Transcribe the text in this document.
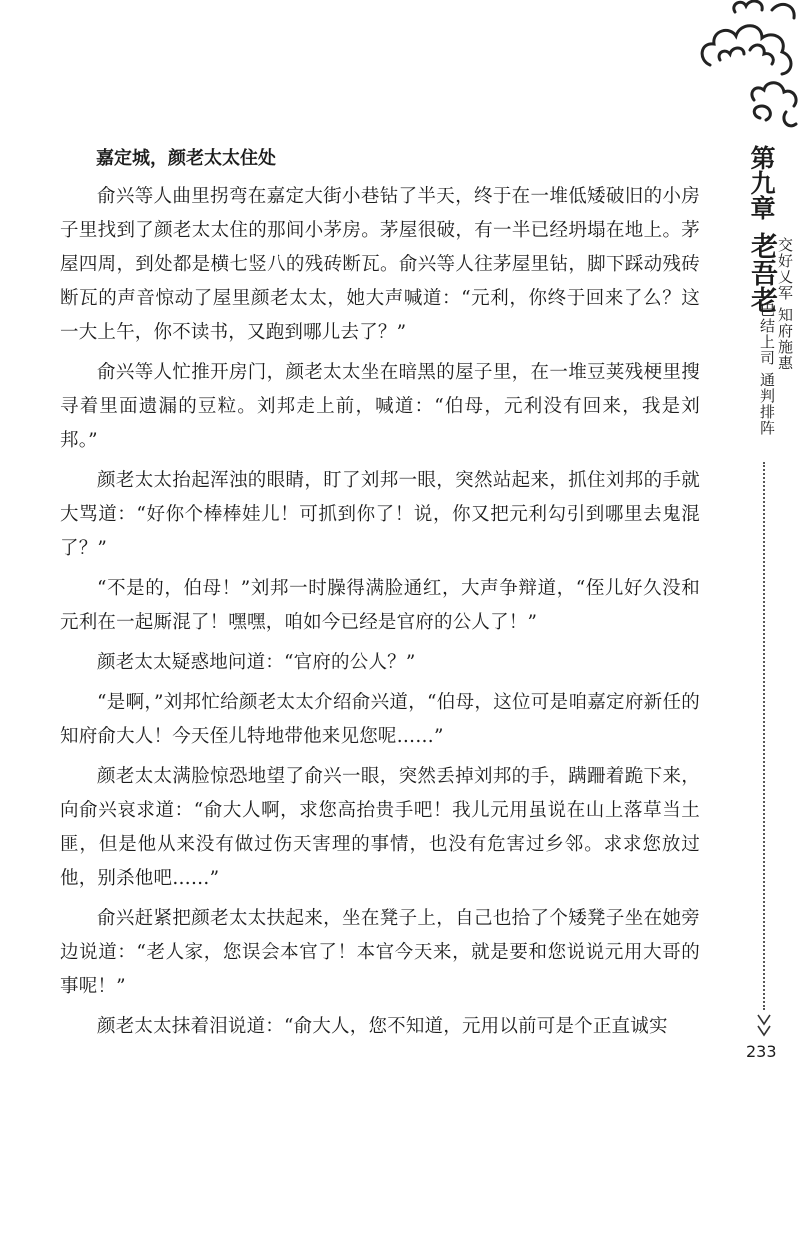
嘉定城，颜老太太住处

俞兴等人曲里拐弯在嘉定大街小巷钻了半天，终于在一堆低矮破旧的小房子里找到了颜老太太住的那间小茅房。茅屋很破，有一半已经坍塌在地上。茅屋四周，到处都是横七竖八的残砖断瓦。俞兴等人往茅屋里钻，脚下踩动残砖断瓦的声音惊动了屋里颜老太太，她大声喊道：“元利，你终于回来了么？这一大上午，你不读书，又跑到哪儿去了？”

俞兴等人忙推开房门，颜老太太坐在暗黑的屋子里，在一堆豆荚残梗里搜寻着里面遗漏的豆粒。刘邦走上前，喊道：“伯母，元利没有回来，我是刘邦。”

颜老太太抬起浑浊的眼睛，盯了刘邦一眼，突然站起来，抓住刘邦的手就大骂道：“好你个棒棒娃儿！可抓到你了！说，你又把元利勾引到哪里去鬼混了？”

“不是的，伯母！”刘邦一时臊得满脸通红，大声争辩道，“侄儿好久没和元利在一起厮混了！嘿嘿，咱如今已经是官府的公人了！”

颜老太太疑惑地问道：“官府的公人？”

“是啊，”刘邦忙给颜老太太介绍俞兴道，“伯母，这位可是咱嘉定府新任的知府俞大人！今天侄儿特地带他来见您呢……”

颜老太太满脸惊恐地望了俞兴一眼，突然丢掉刘邦的手，蹒跚着跪下来，向俞兴哀求道：“俞大人啊，求您高抬贵手吧！我儿元用虽说在山上落草当土匪，但是他从来没有做过伤天害理的事情，也没有危害过乡邻。求求您放过他，别杀他吧……”

俞兴赶紧把颜老太太扶起来，坐在凳子上，自己也拾了个矮凳子坐在她旁边说道：“老人家，您误会本官了！本官今天来，就是要和您说说元用大哥的事呢！”

颜老太太抹着泪说道：“俞大人，您不知道，元用以前可是个正直诚实

第九章
老吾老 交好乂军 知府施惠
巴结上司 通判排阵
233
